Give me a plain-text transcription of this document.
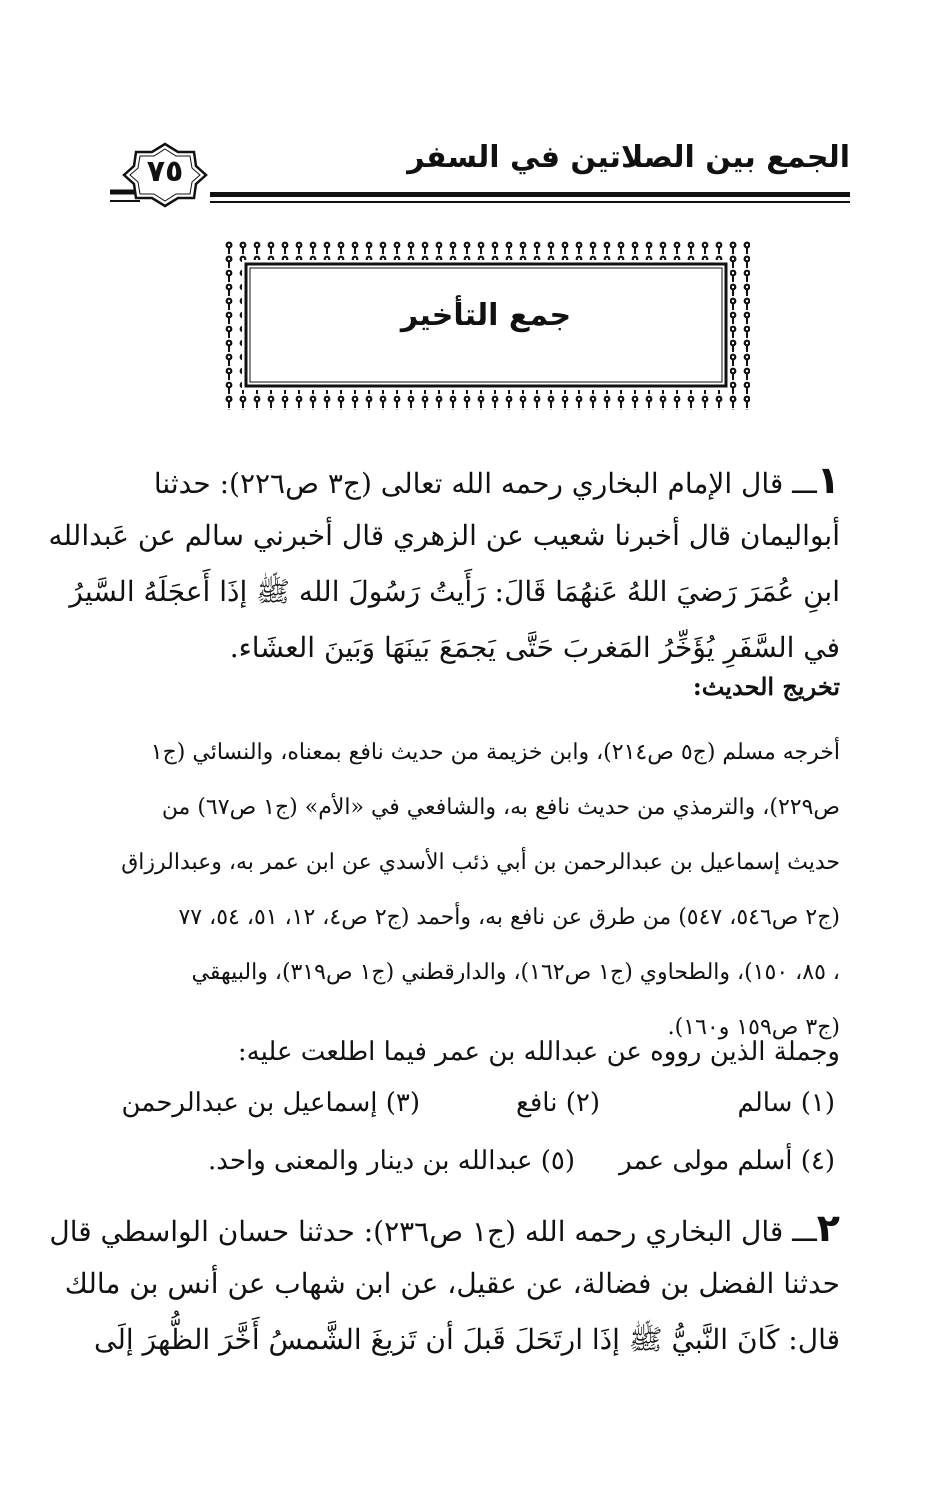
الجمع بين الصلاتين في السفر
٧٥
جمع التأخير
١ـــ قال الإمام البخاري رحمه الله تعالى (ج٣ ص٢٢٦): حدثنا
أبواليمان قال أخبرنا شعيب عن الزهري قال أخبرني سالم عن عَبدالله
ابنِ عُمَرَ رَضيَ اللهُ عَنهُمَا قَالَ: رَأَيتُ رَسُولَ الله ﷺ إذَا أَعجَلَهُ السَّيرُ
في السَّفَرِ يُؤَخِّرُ المَغربَ حَتَّى يَجمَعَ بَينَهَا وَبَينَ العشَاء.
تخريج الحديث:
أخرجه مسلم (ج٥ ص٢١٤)، وابن خزيمة من حديث نافع بمعناه، والنسائي (ج١
ص٢٢٩)، والترمذي من حديث نافع به، والشافعي في «الأم» (ج١ ص٦٧) من
حديث إسماعيل بن عبدالرحمن بن أبي ذئب الأسدي عن ابن عمر به، وعبدالرزاق
(ج٢ ص٥٤٦، ٥٤٧) من طرق عن نافع به، وأحمد (ج٢ ص٤، ١٢، ٥١، ٥٤، ٧٧
، ٨٥، ١٥٠)، والطحاوي (ج١ ص١٦٢)، والدارقطني (ج١ ص٣١٩)، والبيهقي
(ج٣ ص١٥٩ و١٦٠).
وجملة الذين رووه عن عبدالله بن عمر فيما اطلعت عليه:
(١) سالم
(٢) نافع
(٣) إسماعيل بن عبدالرحمن
(٤) أسلم مولى عمر
(٥) عبدالله بن دينار والمعنى واحد.
٢ـــ قال البخاري رحمه الله (ج١ ص٢٣٦): حدثنا حسان الواسطي قال
حدثنا الفضل بن فضالة، عن عقيل، عن ابن شهاب عن أنس بن مالك
قال: كَانَ النَّبيُّ ﷺ إذَا ارتَحَلَ قَبلَ أن تَزيغَ الشَّمسُ أَخَّرَ الظُّهرَ إلَى
